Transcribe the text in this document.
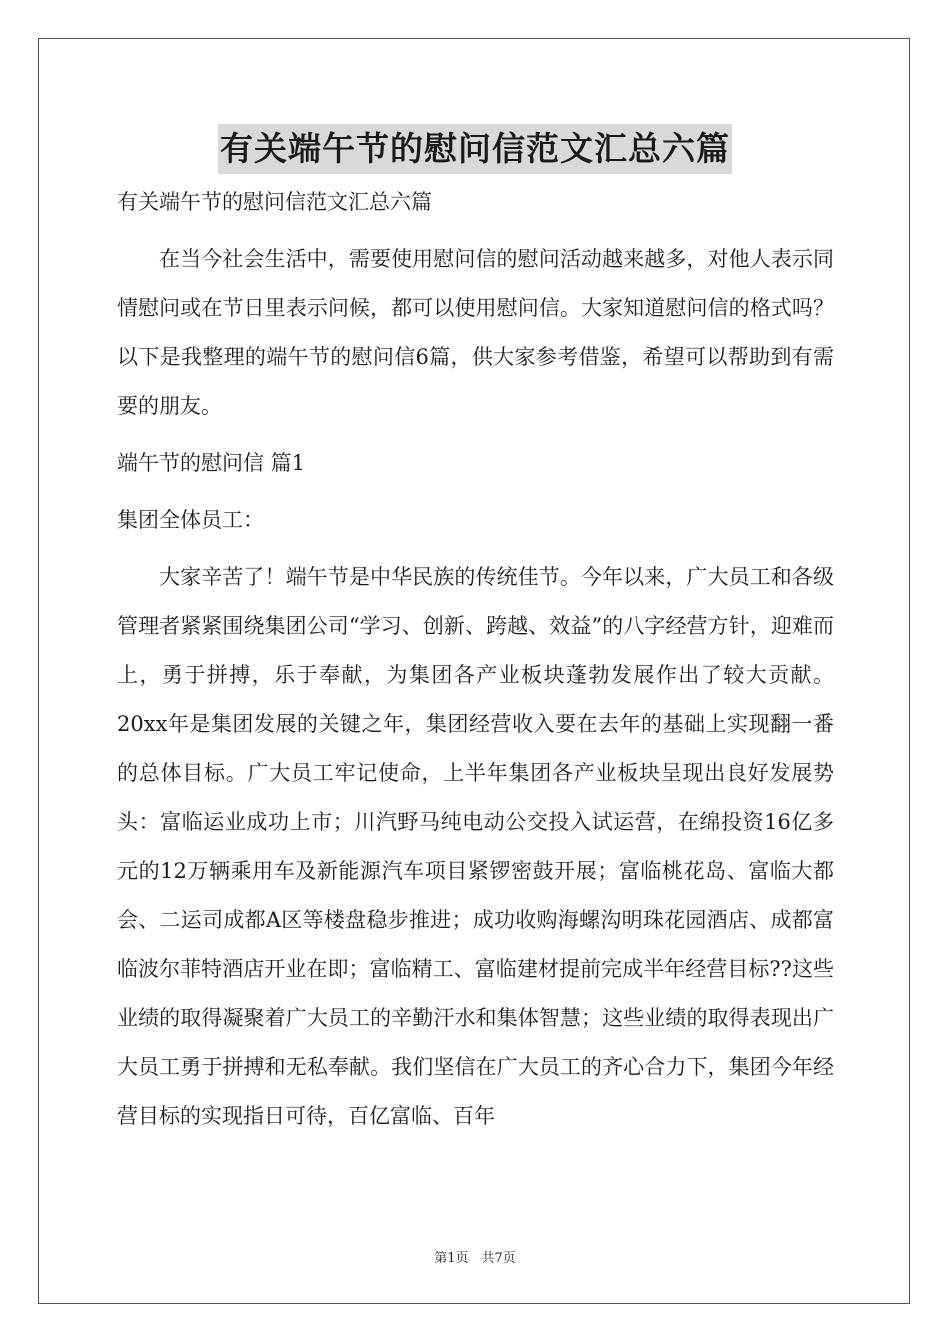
有关端午节的慰问信范文汇总六篇

有关端午节的慰问信范文汇总六篇

在当今社会生活中，需要使用慰问信的慰问活动越来越多，对他人表示同情慰问或在节日里表示问候，都可以使用慰问信。大家知道慰问信的格式吗？以下是我整理的端午节的慰问信6篇，供大家参考借鉴，希望可以帮助到有需要的朋友。

端午节的慰问信 篇1

集团全体员工：

大家辛苦了！端午节是中华民族的传统佳节。今年以来，广大员工和各级管理者紧紧围绕集团公司“学习、创新、跨越、效益”的八字经营方针，迎难而上，勇于拼搏，乐于奉献，为集团各产业板块蓬勃发展作出了较大贡献。20xx年是集团发展的关键之年，集团经营收入要在去年的基础上实现翻一番的总体目标。广大员工牢记使命，上半年集团各产业板块呈现出良好发展势头：富临运业成功上市；川汽野马纯电动公交投入试运营，在绵投资16亿多元的12万辆乘用车及新能源汽车项目紧锣密鼓开展；富临桃花岛、富临大都会、二运司成都A区等楼盘稳步推进；成功收购海螺沟明珠花园酒店、成都富临波尔菲特酒店开业在即；富临精工、富临建材提前完成半年经营目标??这些业绩的取得凝聚着广大员工的辛勤汗水和集体智慧；这些业绩的取得表现出广大员工勇于拼搏和无私奉献。我们坚信在广大员工的齐心合力下，集团今年经营目标的实现指日可待，百亿富临、百年

第1页　共7页
